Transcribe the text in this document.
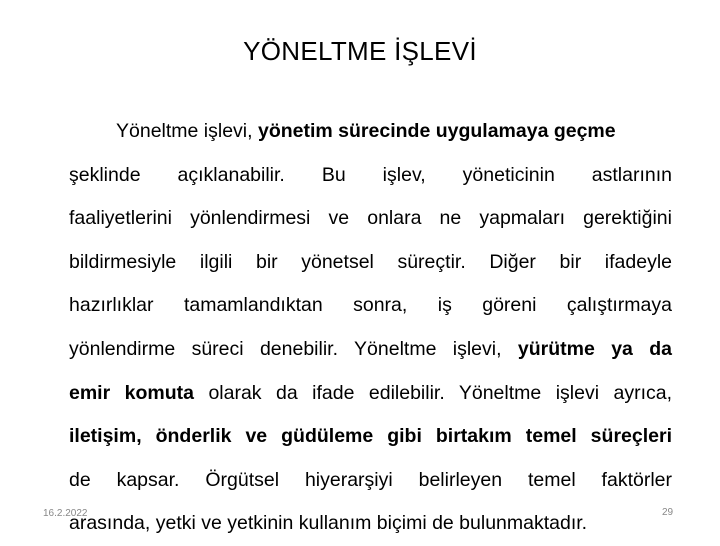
YÖNELTME İŞLEVİ
Yöneltme işlevi, yönetim sürecinde uygulamaya geçme
şeklinde açıklanabilir. Bu işlev, yöneticinin astlarının
faaliyetlerini yönlendirmesi ve onlara ne yapmaları gerektiğini
bildirmesiyle ilgili bir yönetsel süreçtir. Diğer bir ifadeyle
hazırlıklar tamamlandıktan sonra, iş göreni çalıştırmaya
yönlendirme süreci denebilir. Yöneltme işlevi, yürütme ya da
emir komuta olarak da ifade edilebilir. Yöneltme işlevi ayrıca,
iletişim, önderlik ve güdüleme gibi birtakım temel süreçleri
de kapsar. Örgütsel hiyerarşiyi belirleyen temel faktörler
arasında, yetki ve yetkinin kullanım biçimi de bulunmaktadır.
16.2.2022	29
